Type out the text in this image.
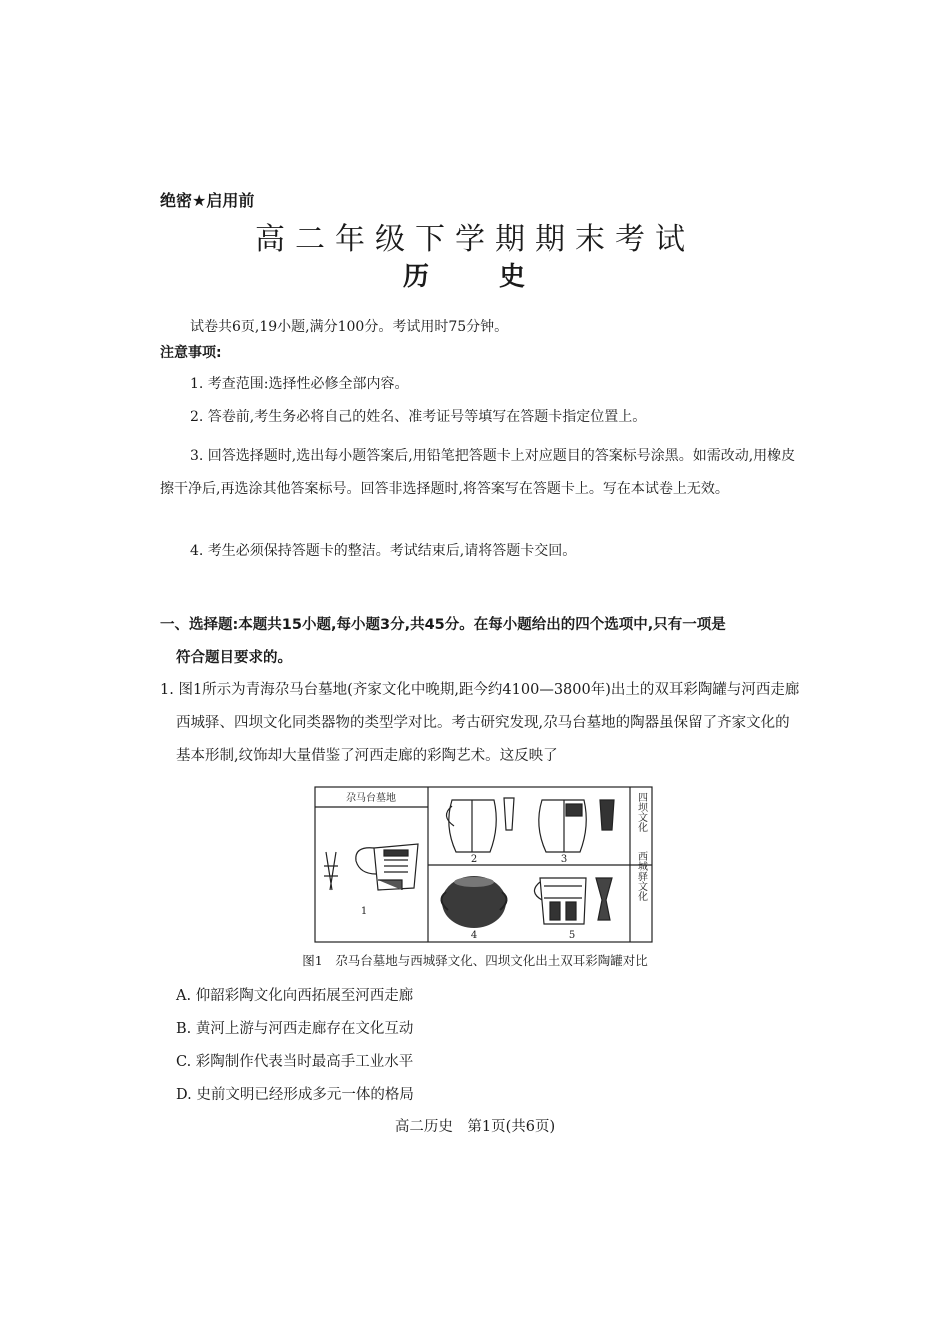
绝密★启用前
高二年级下学期期末考试
历　史
试卷共6页,19小题,满分100分。考试用时75分钟。
注意事项:
1. 考查范围:选择性必修全部内容。
2. 答卷前,考生务必将自己的姓名、准考证号等填写在答题卡指定位置上。
3. 回答选择题时,选出每小题答案后,用铅笔把答题卡上对应题目的答案标号涂黑。如需改动,用橡皮擦干净后,再选涂其他答案标号。回答非选择题时,将答案写在答题卡上。写在本试卷上无效。
4. 考生必须保持答题卡的整洁。考试结束后,请将答题卡交回。
一、选择题:本题共15小题,每小题3分,共45分。在每小题给出的四个选项中,只有一项是
符合题目要求的。
1. 图1所示为青海尕马台墓地(齐家文化中晚期,距今约4100—3800年)出土的双耳彩陶罐与河西走廊西城驿、四坝文化同类器物的类型学对比。考古研究发现,尕马台墓地的陶器虽保留了齐家文化的基本形制,纹饰却大量借鉴了河西走廊的彩陶艺术。这反映了
尕马台墓地	四坝文化
西城驿文化
1
2	3
4	5
图1　尕马台墓地与西城驿文化、四坝文化出土双耳彩陶罐对比
A. 仰韶彩陶文化向西拓展至河西走廊
B. 黄河上游与河西走廊存在文化互动
C. 彩陶制作代表当时最高手工业水平
D. 史前文明已经形成多元一体的格局
高二历史　第1页(共6页)
